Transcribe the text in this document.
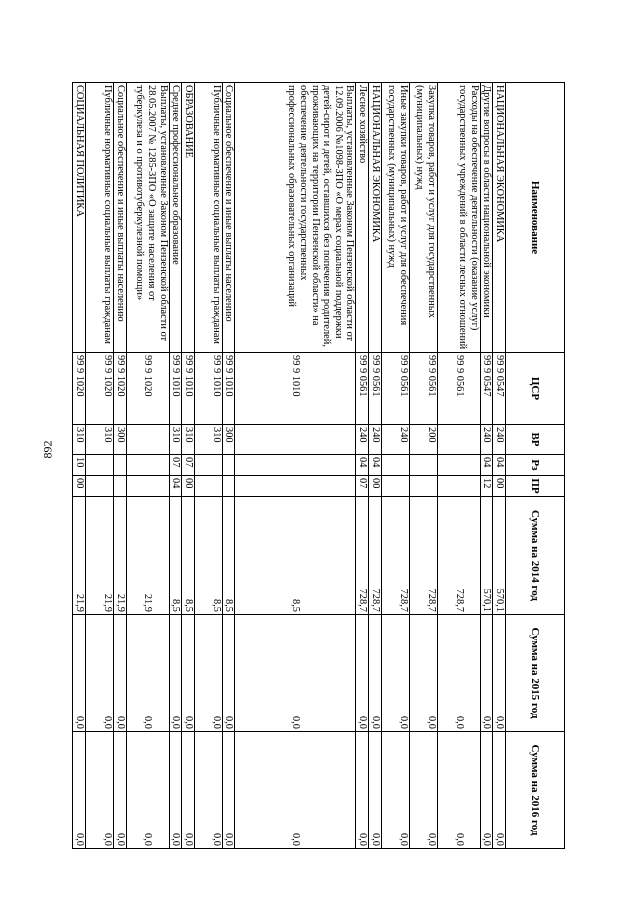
892
Наименование	ЦСР	ВР	Рз	ПР	Сумма на 2014 год	Сумма на 2015 год	Сумма на 2016 год
НАЦИОНАЛЬНАЯ ЭКОНОМИКА	99 9 0547	240	04	00	570,1	0,0	0,0
Другие вопросы в области национальной экономики	99 9 0547	240	04	12	570,1	0,0	0,0
Расходы на обеспечение деятельности (оказание услуг) государственных учреждений в области лесных отношений	99 9 0561				728,7	0,0	0,0
Закупка товаров, работ и услуг для государственных (муниципальных) нужд	99 9 0561	200			728,7	0,0	0,0
Иные закупки товаров, работ и услуг для обеспечения государственных (муниципальных) нужд	99 9 0561	240			728,7	0,0	0,0
НАЦИОНАЛЬНАЯ ЭКОНОМИКА	99 9 0561	240	04	00	728,7	0,0	0,0
Лесное хозяйство	99 9 0561	240	04	07	728,7	0,0	0,0
Выплаты, установленные Законом Пензенской области от 12.09.2006 №1098-ЗПО «О мерах социальной поддержки детей-сирот и детей, оставшихся без попечения родителей, проживающих на территории Пензенской области» на обеспечение деятельности государственных профессиональных образовательных организаций	99 9 1010				8,5	0,0	0,0
Социальное обеспечение и иные выплаты населению	99 9 1010	300			8,5	0,0	0,0
Публичные нормативные социальные выплаты гражданам	99 9 1010	310			8,5	0,0	0,0
ОБРАЗОВАНИЕ	99 9 1010	310	07	00	8,5	0,0	0,0
Среднее профессиональное образование	99 9 1010	310	07	04	8,5	0,0	0,0
Выплаты, установленные Законом Пензенской области от 28.05.2007 № 1285-ЗПО «О защите населения от туберкулеза и о противотуберкулезной помощи»	99 9 1020				21,9	0,0	0,0
Социальное обеспечение и иные выплаты населению	99 9 1020	300			21,9	0,0	0,0
Публичные нормативные социальные выплаты гражданам	99 9 1020	310			21,9	0,0	0,0
СОЦИАЛЬНАЯ ПОЛИТИКА	99 9 1020	310	10	00	21,9	0,0	0,0
